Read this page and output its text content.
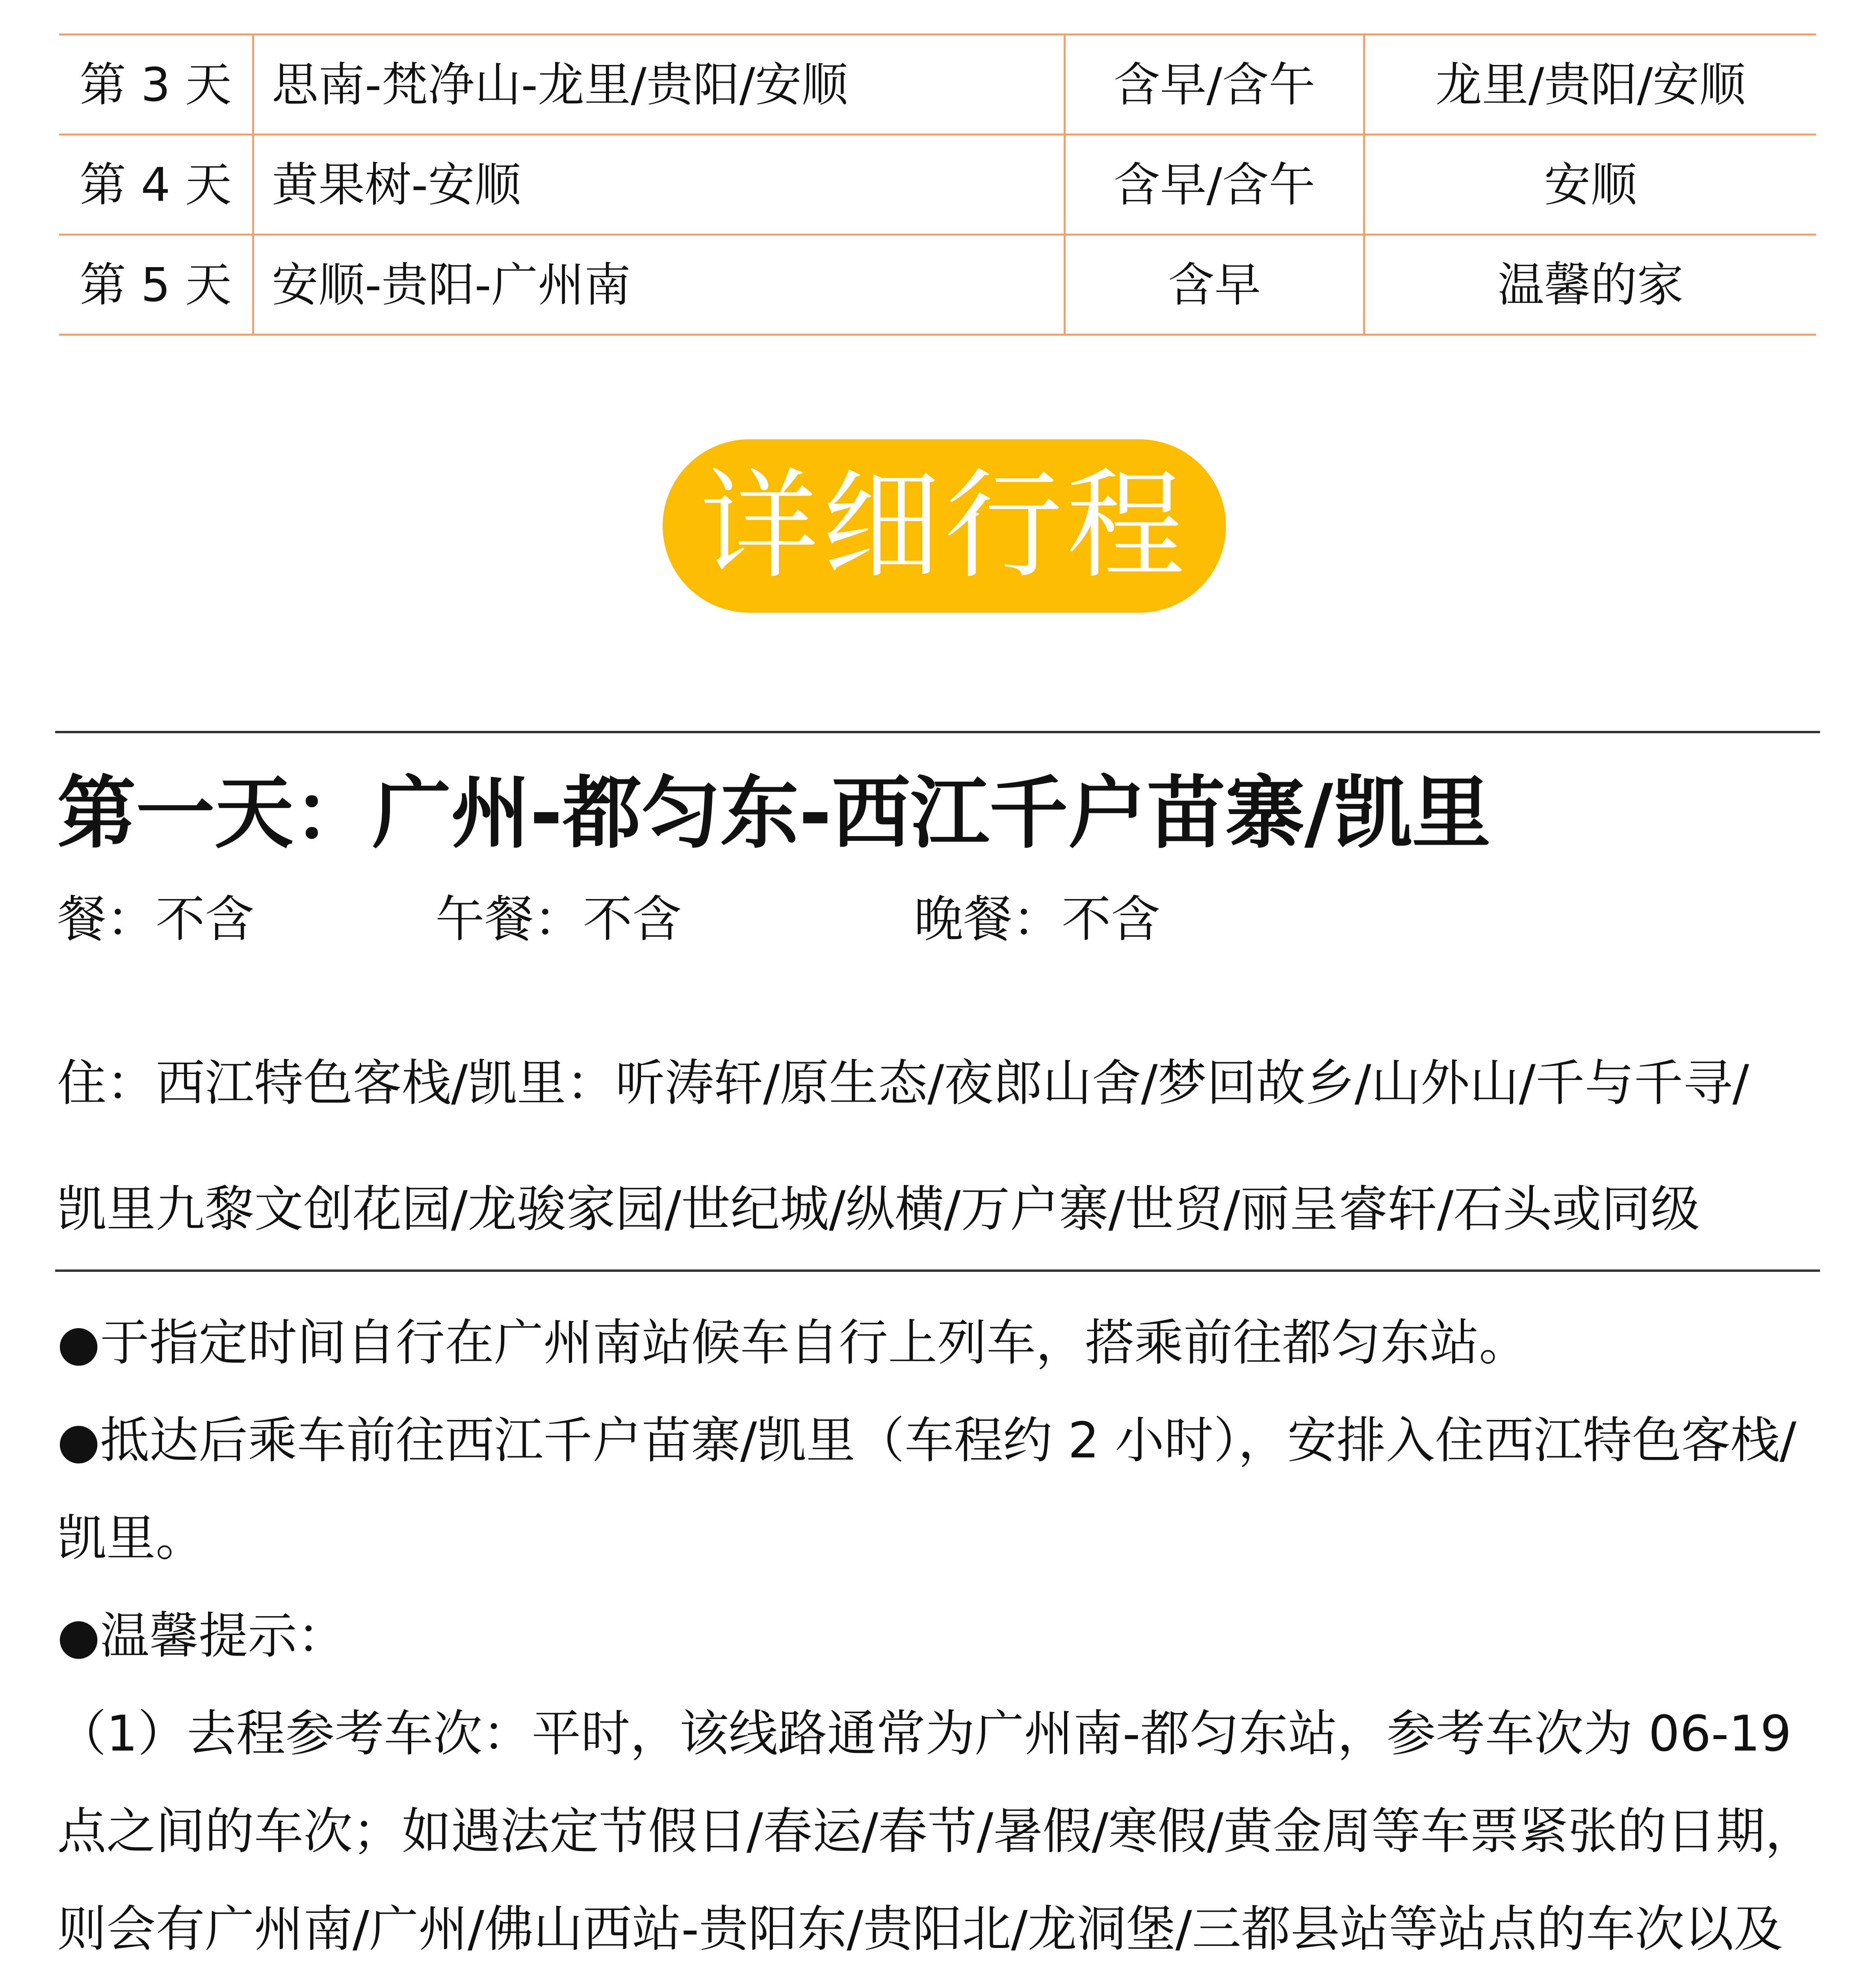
第 3 天	思南-梵净山-龙里/贵阳/安顺	含早/含午	龙里/贵阳/安顺
第 4 天	黄果树-安顺	含早/含午	安顺
第 5 天	安顺-贵阳-广州南	含早	温馨的家
详细行程
第一天：广州-都匀东-西江千户苗寨/凯里
餐：不含	午餐：不含	晚餐：不含
住：西江特色客栈/凯里：听涛轩/原生态/夜郎山舍/梦回故乡/山外山/千与千寻/
凯里九黎文创花园/龙骏家园/世纪城/纵横/万户寨/世贸/丽呈睿轩/石头或同级

●于指定时间自行在广州南站候车自行上列车，搭乘前往都匀东站。

●抵达后乘车前往西江千户苗寨/凯里（车程约 2 小时），安排入住西江特色客栈/凯里。

●温馨提示：

（1）去程参考车次：平时，该线路通常为广州南-都匀东站，参考车次为 06-19 点之间的车次；如遇法定节假日/春运/春节/暑假/寒假/黄金周等车票紧张的日期，则会有广州南/广州/佛山西站-贵阳东/贵阳北/龙洞堡/三都县站等站点的车次以及
